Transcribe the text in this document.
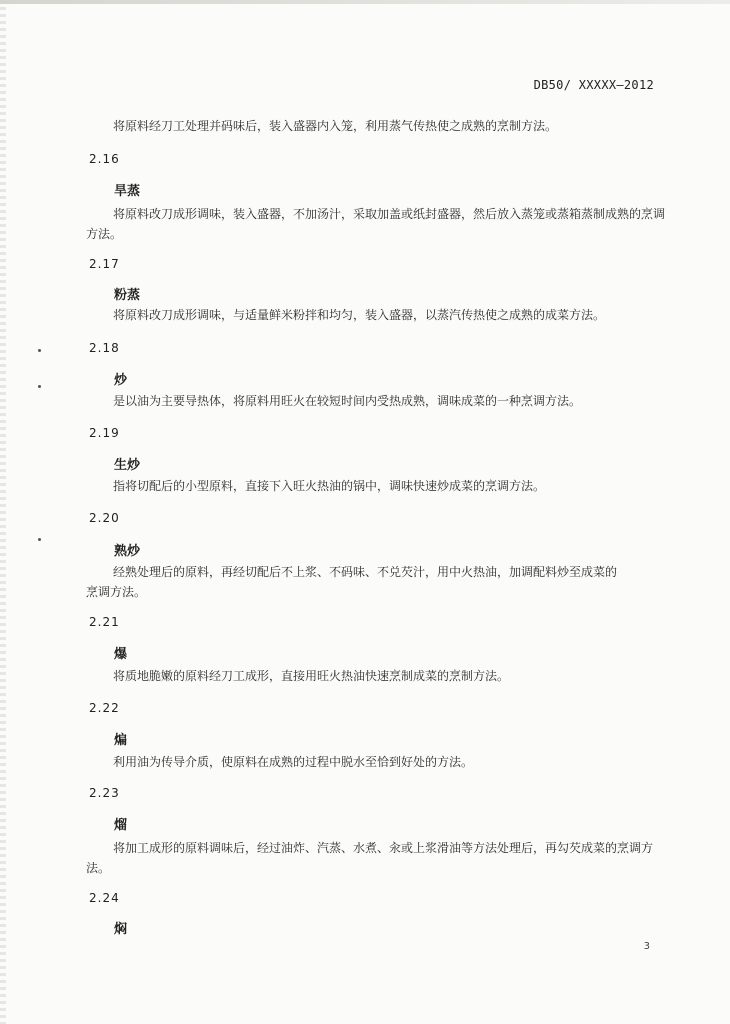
DB50/ XXXXX—2012
将原料经刀工处理并码味后，装入盛器内入笼，利用蒸气传热使之成熟的烹制方法。
2.16
旱蒸
将原料改刀成形调味，装入盛器，不加汤汁，采取加盖或纸封盛器，然后放入蒸笼或蒸箱蒸制成熟的烹调方法。
2.17
粉蒸
将原料改刀成形调味，与适量鲜米粉拌和均匀，装入盛器，以蒸汽传热使之成熟的成菜方法。
2.18
炒
是以油为主要导热体，将原料用旺火在较短时间内受热成熟，调味成菜的一种烹调方法。
2.19
生炒
指将切配后的小型原料，直接下入旺火热油的锅中，调味快速炒成菜的烹调方法。
2.20
熟炒
经熟处理后的原料，再经切配后不上浆、不码味、不兑芡汁，用中火热油，加调配料炒至成菜的烹调方法。
2.21
爆
将质地脆嫩的原料经刀工成形，直接用旺火热油快速烹制成菜的烹制方法。
2.22
煸
利用油为传导介质，使原料在成熟的过程中脱水至恰到好处的方法。
2.23
熘
将加工成形的原料调味后，经过油炸、汽蒸、水煮、汆或上浆滑油等方法处理后，再勾芡成菜的烹调方法。
2.24
焖
3
